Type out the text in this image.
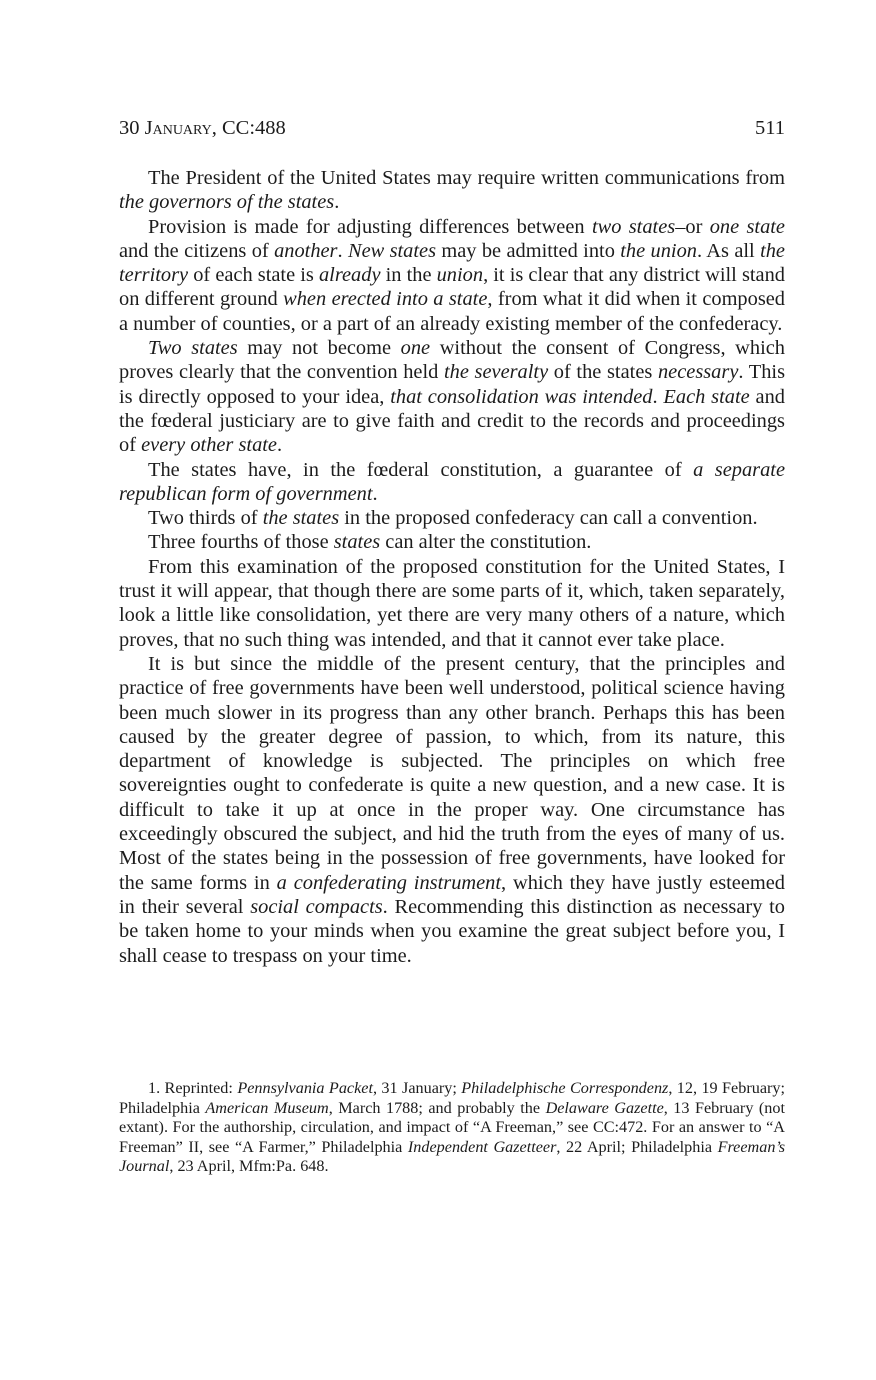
30 January, CC:488	511

The President of the United States may require written communications from the governors of the states.

Provision is made for adjusting differences between two states–or one state and the citizens of another. New states may be admitted into the union. As all the territory of each state is already in the union, it is clear that any district will stand on different ground when erected into a state, from what it did when it composed a number of counties, or a part of an already existing member of the confederacy.

Two states may not become one without the consent of Congress, which proves clearly that the convention held the severalty of the states necessary. This is directly opposed to your idea, that consolidation was intended. Each state and the fœderal justiciary are to give faith and credit to the records and proceedings of every other state.

The states have, in the fœderal constitution, a guarantee of a separate republican form of government.

Two thirds of the states in the proposed confederacy can call a convention.

Three fourths of those states can alter the constitution.

From this examination of the proposed constitution for the United States, I trust it will appear, that though there are some parts of it, which, taken separately, look a little like consolidation, yet there are very many others of a nature, which proves, that no such thing was intended, and that it cannot ever take place.

It is but since the middle of the present century, that the principles and practice of free governments have been well understood, political science having been much slower in its progress than any other branch. Perhaps this has been caused by the greater degree of passion, to which, from its nature, this department of knowledge is subjected. The principles on which free sovereignties ought to confederate is quite a new question, and a new case. It is difficult to take it up at once in the proper way. One circumstance has exceedingly obscured the subject, and hid the truth from the eyes of many of us. Most of the states being in the possession of free governments, have looked for the same forms in a confederating instrument, which they have justly esteemed in their several social compacts. Recommending this distinction as necessary to be taken home to your minds when you examine the great subject before you, I shall cease to trespass on your time.

1. Reprinted: Pennsylvania Packet, 31 January; Philadelphische Correspondenz, 12, 19 February; Philadelphia American Museum, March 1788; and probably the Delaware Gazette, 13 February (not extant). For the authorship, circulation, and impact of “A Freeman,” see CC:472. For an answer to “A Freeman” II, see “A Farmer,” Philadelphia Independent Gazetteer, 22 April; Philadelphia Freeman’s Journal, 23 April, Mfm:Pa. 648.
